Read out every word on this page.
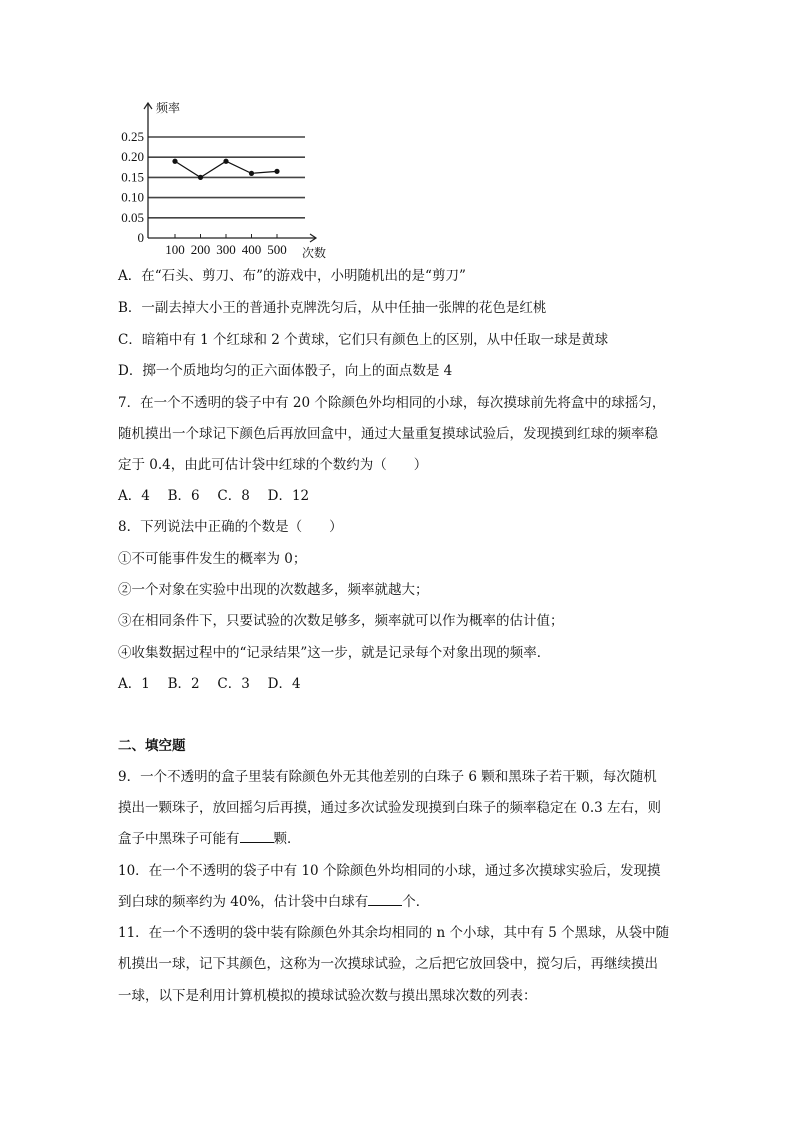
频率
次数
0
0.05
0.10
0.15
0.20
0.25
100 200 300 400 500
A．在“石头、剪刀、布”的游戏中，小明随机出的是“剪刀”
B．一副去掉大小王的普通扑克牌洗匀后，从中任抽一张牌的花色是红桃
C．暗箱中有 1 个红球和 2 个黄球，它们只有颜色上的区别，从中任取一球是黄球
D．掷一个质地均匀的正六面体骰子，向上的面点数是 4
7．在一个不透明的袋子中有 20 个除颜色外均相同的小球，每次摸球前先将盒中的球摇匀，
随机摸出一个球记下颜色后再放回盒中，通过大量重复摸球试验后，发现摸到红球的频率稳
定于 0.4，由此可估计袋中红球的个数约为（　　）
A．4　 B．6　 C．8　 D．12
8．下列说法中正确的个数是（　　）
①不可能事件发生的概率为 0；
②一个对象在实验中出现的次数越多，频率就越大；
③在相同条件下，只要试验的次数足够多，频率就可以作为概率的估计值；
④收集数据过程中的“记录结果”这一步，就是记录每个对象出现的频率．
A．1　 B．2　 C．3　 D．4
二、填空题
9．一个不透明的盒子里装有除颜色外无其他差别的白珠子 6 颗和黑珠子若干颗，每次随机
摸出一颗珠子，放回摇匀后再摸，通过多次试验发现摸到白珠子的频率稳定在 0.3 左右，则
盒子中黑珠子可能有	颗．
10．在一个不透明的袋子中有 10 个除颜色外均相同的小球，通过多次摸球实验后，发现摸
到白球的频率约为 40%，估计袋中白球有	个．
11．在一个不透明的袋中装有除颜色外其余均相同的 n 个小球，其中有 5 个黑球，从袋中随
机摸出一球，记下其颜色，这称为一次摸球试验，之后把它放回袋中，搅匀后，再继续摸出
一球，以下是利用计算机模拟的摸球试验次数与摸出黑球次数的列表：
